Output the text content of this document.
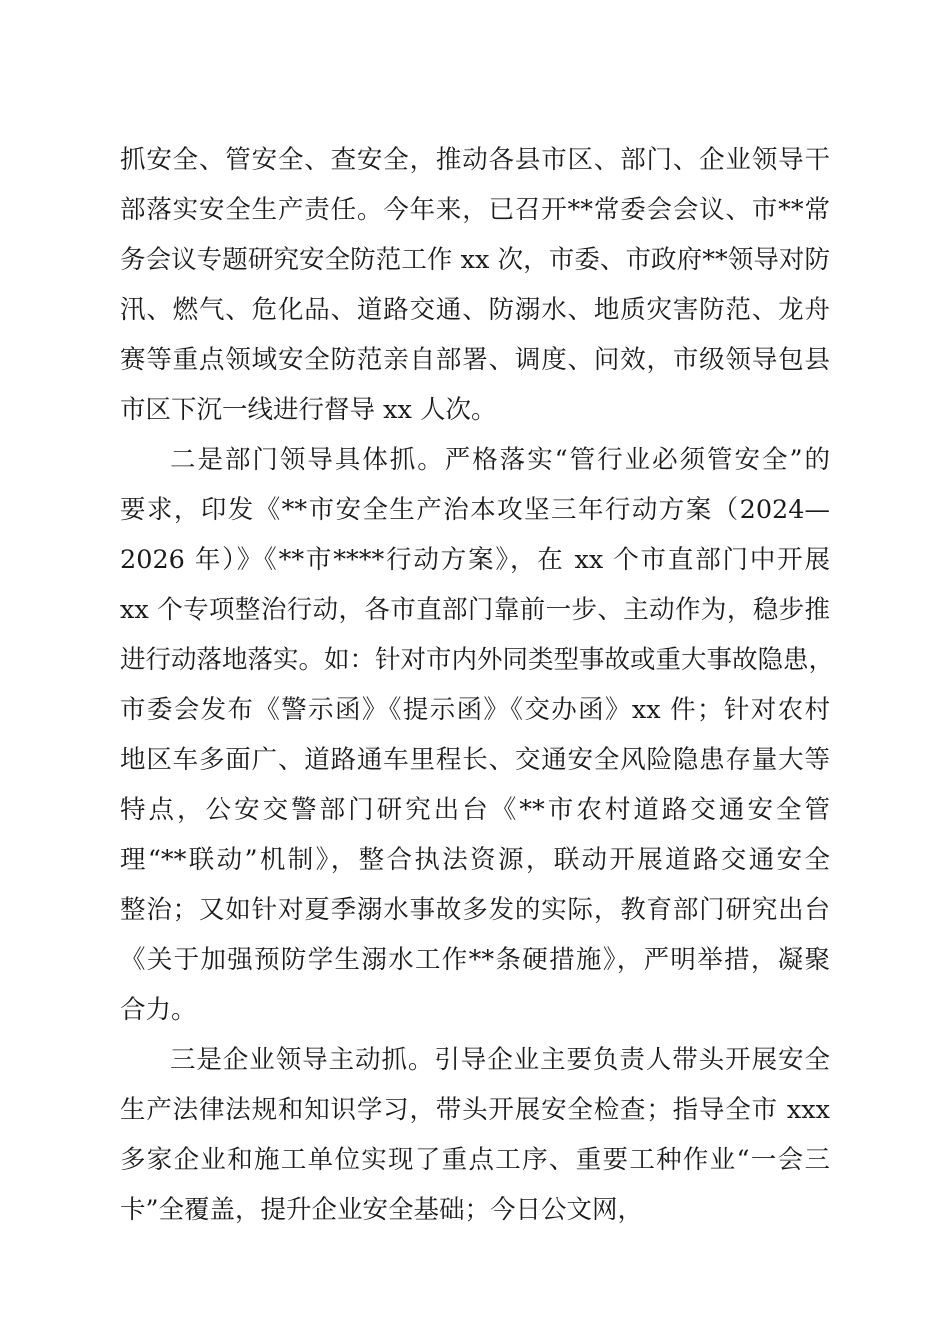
抓安全、管安全、查安全，推动各县市区、部门、企业领导干
部落实安全生产责任。今年来，已召开**常委会会议、市**常
务会议专题研究安全防范工作 xx 次，市委、市政府**领导对防
汛、燃气、危化品、道路交通、防溺水、地质灾害防范、龙舟
赛等重点领域安全防范亲自部署、调度、问效，市级领导包县
市区下沉一线进行督导 xx 人次。
二是部门领导具体抓。严格落实“管行业必须管安全”的
要求，印发《**市安全生产治本攻坚三年行动方案（2024—
2026 年）》《**市****行动方案》，在 xx 个市直部门中开展
xx 个专项整治行动，各市直部门靠前一步、主动作为，稳步推
进行动落地落实。如：针对市内外同类型事故或重大事故隐患，
市委会发布《警示函》《提示函》《交办函》xx 件；针对农村
地区车多面广、道路通车里程长、交通安全风险隐患存量大等
特点，公安交警部门研究出台《**市农村道路交通安全管
理“**联动”机制》，整合执法资源，联动开展道路交通安全
整治；又如针对夏季溺水事故多发的实际，教育部门研究出台
《关于加强预防学生溺水工作**条硬措施》，严明举措，凝聚
合力。
三是企业领导主动抓。引导企业主要负责人带头开展安全
生产法律法规和知识学习，带头开展安全检查；指导全市 xxx
多家企业和施工单位实现了重点工序、重要工种作业“一会三
卡”全覆盖，提升企业安全基础；今日公文网，
